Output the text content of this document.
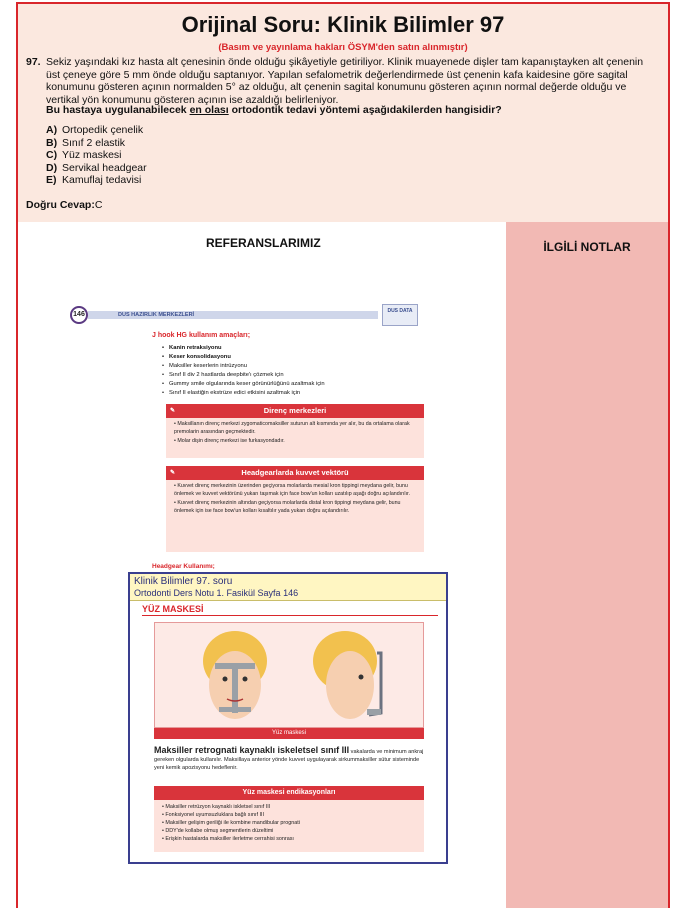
Orijinal Soru: Klinik Bilimler 97
(Basım ve yayınlama hakları ÖSYM'den satın alınmıştır)
97. Sekiz yaşındaki kız hasta alt çenesinin önde olduğu şikâyetiyle getiriliyor. Klinik muayenede dişler tam kapanıştayken alt çenenin üst çeneye göre 5 mm önde olduğu saptanıyor. Yapılan sefalometrik değerlendirmede üst çenenin kafa kaidesine göre sagital konumunu gösteren açının normalden 5° az olduğu, alt çenenin sagital konumunu gösteren açının normal değerde olduğu ve vertikal yön konumunu gösteren açının ise azaldığı belirleniyor.
Bu hastaya uygulanabilecek en olası ortodontik tedavi yöntemi aşağıdakilerden hangisidir?
A) Ortopedik çenelik
B) Sınıf 2 elastik
C) Yüz maskesi
D) Servikal headgear
E) Kamuflaj tedavisi
Doğru Cevap:C
REFERANSLARIMIZ
146	DUS HAZIRLIK MERKEZLERİ
DUS DATA
J hook HG kullanım amaçları;
• Kanin retraksiyonu
• Keser konsolidasyonu
• Maksiller keserlerin intrüzyonu
• Sınıf II div 2 hastlarda deepbite'ı çözmek için
• Gummy smile olgularında keser görünürlüğünü azaltmak için
• Sınıf II elastiğin ekstrüze edici etkisini azaltmak için
✎	Direnç merkezleri

• Maksillanın direnç merkezi zygomaticomaksiller suturun alt kısmında yer alır, bu da ortalama olarak premolarin arasından geçmektedir.

• Molar dişin direnç merkezi ise furkasyondadır.

✎	Headgearlarda kuvvet vektörü

• Kuvvet direnç merkezinin üzerinden geçiyorsa molarlarda mesial kron tippingi meydana gelir, bunu önlemek ve kuvvet vektörünü yukarı taşımak için face bow'un kolları uzatılıp aşağı doğru açılandırılır.

• Kuvvet direnç merkezinin altından geçiyorsa molarlarda distal kron tippingi meydana gelir, bunu önlemek için ise face bow'un kolları kısaltılır yada yukarı doğru açılandırılır.

Headgear Kullanımı;
Klinik Bilimler 97. soru
Ortodonti Ders Notu 1. Fasikül Sayfa 146
YÜZ MASKESİ
Yüz maskesi
Maksiller retrognati kaynaklı iskeletsel sınıf III vakalarda ve minimum ankraj gereken olgularda kullanılır. Maksillaya anterior yönde kuvvet uygulayarak sirkummaksiller sütur sisteminde yeni kemik apozisyonu hedeflenir.
Yüz maskesi endikasyonları
• Maksiller retrüzyon kaynaklı iskletsel sınıf III
• Fonksiyonel uyumsuzluklara bağlı sınıf III
• Maksiller gelişim geriliği ile kombine mandibular prognati
• DDY'de kollabe olmuş segmentlerin düzeltimi
• Erişkin hastalarda maksiller ilerletme cerrahisi sonrası
İLGİLİ NOTLAR
